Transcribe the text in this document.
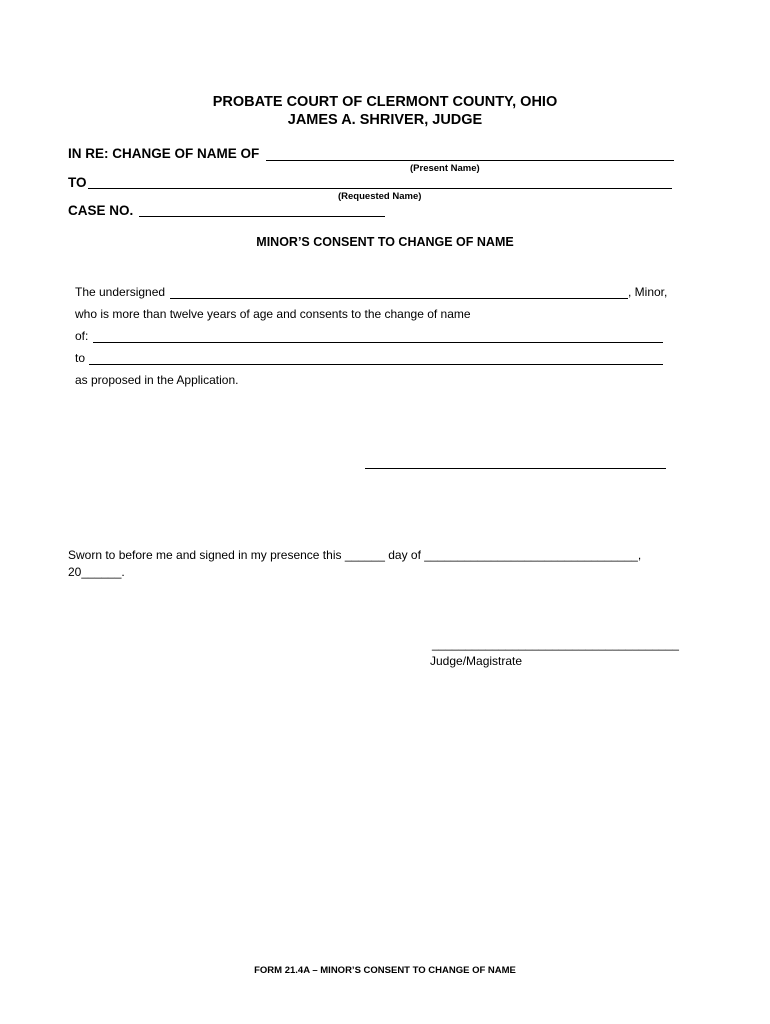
PROBATE COURT OF CLERMONT COUNTY, OHIO
JAMES A. SHRIVER, JUDGE
IN RE: CHANGE OF NAME OF
(Present Name)
TO
(Requested Name)
CASE NO.
MINOR’S CONSENT TO CHANGE OF NAME
The undersigned	, Minor,
who is more than twelve years of age and consents to the change of name
of:
to
as proposed in the Application.
Sworn to before me and signed in my presence this ______ day of ________________________________,
20______.
_____________________________________
Judge/Magistrate
FORM 21.4A – MINOR’S CONSENT TO CHANGE OF NAME
